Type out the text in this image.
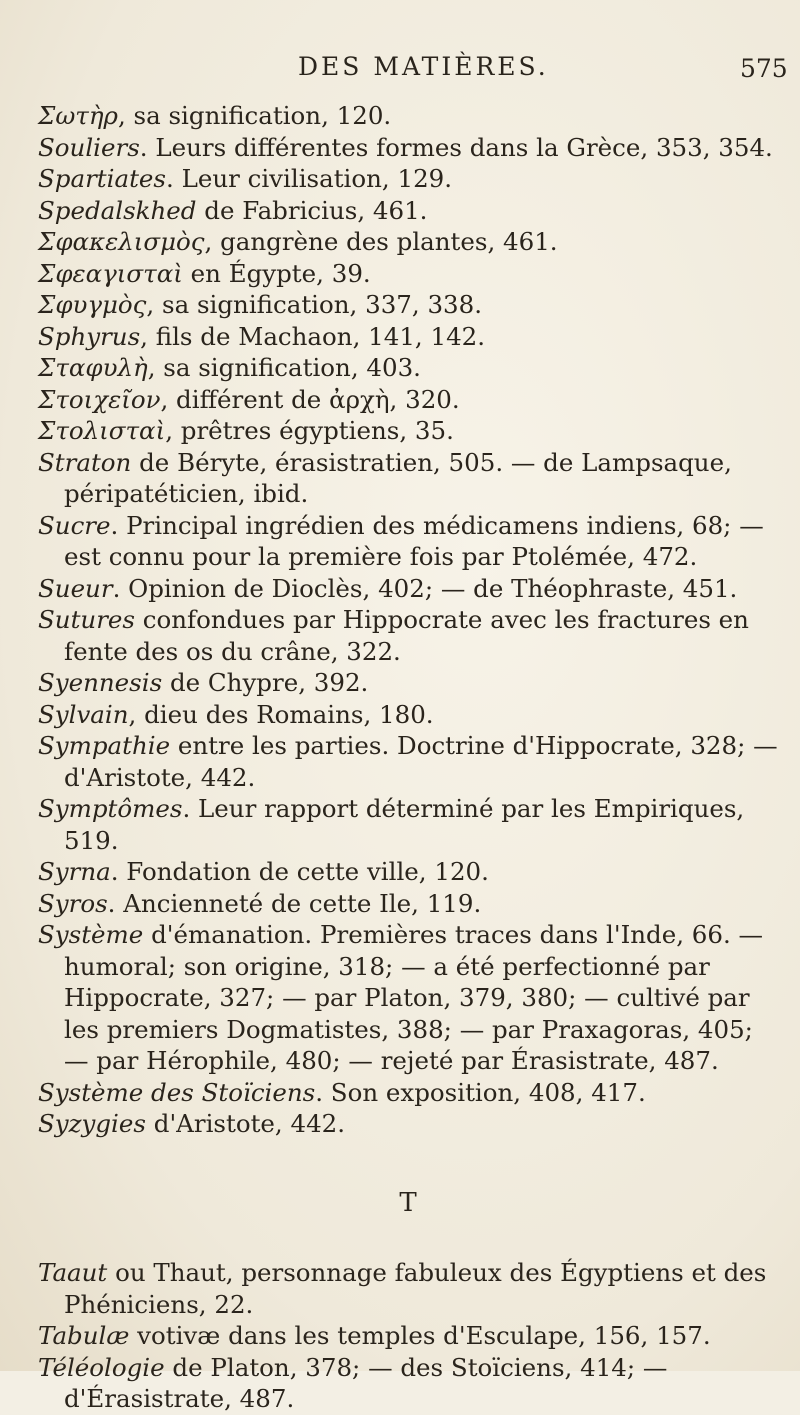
DES MATIÈRES.	575

Σωτὴρ, sa signification, 120.

Souliers. Leurs différentes formes dans la Grèce, 353, 354.

Spartiates. Leur civilisation, 129.

Spedalskhed de Fabricius, 461.

Σφακελισμὸς, gangrène des plantes, 461.

Σφεαγισταὶ en Égypte, 39.

Σφυγμὸς, sa signification, 337, 338.

Sphyrus, fils de Machaon, 141, 142.

Σταφυλὴ, sa signification, 403.

Στοιχεῖον, différent de ἀρχὴ, 320.

Στολισταὶ, prêtres égyptiens, 35.

Straton de Béryte, érasistratien, 505. — de Lampsaque, péripatéticien, ibid.

Sucre. Principal ingrédien des médicamens indiens, 68; — est connu pour la première fois par Ptolémée, 472.

Sueur. Opinion de Dioclès, 402; — de Théophraste, 451.

Sutures confondues par Hippocrate avec les fractures en fente des os du crâne, 322.

Syennesis de Chypre, 392.

Sylvain, dieu des Romains, 180.

Sympathie entre les parties. Doctrine d'Hippocrate, 328; — d'Aristote, 442.

Symptômes. Leur rapport déterminé par les Empiriques, 519.

Syrna. Fondation de cette ville, 120.

Syros. Ancienneté de cette Ile, 119.

Système d'émanation. Premières traces dans l'Inde, 66. — humoral; son origine, 318; — a été perfectionné par Hippocrate, 327; — par Platon, 379, 380; — cultivé par les premiers Dogmatistes, 388; — par Praxagoras, 405; — par Hérophile, 480; — rejeté par Érasistrate, 487.

Système des Stoïciens. Son exposition, 408, 417.

Syzygies d'Aristote, 442.

T

Taaut ou Thaut, personnage fabuleux des Égyptiens et des Phéniciens, 22.

Tabulæ votivæ dans les temples d'Esculape, 156, 157.

Téléologie de Platon, 378; — des Stoïciens, 414; — d'Érasistrate, 487.
